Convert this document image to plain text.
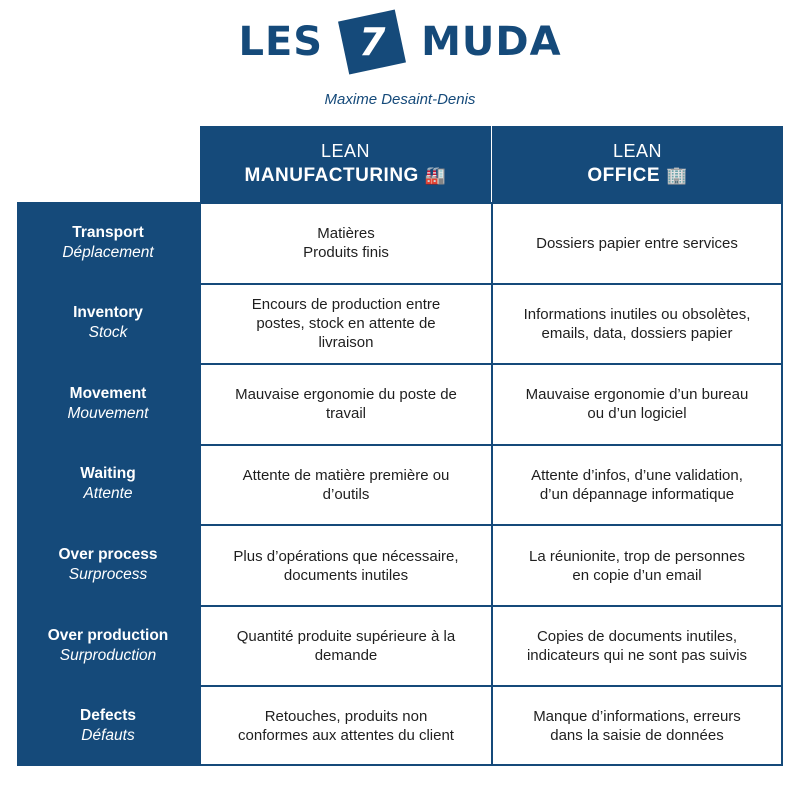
LES 7 MUDA
Maxime Desaint-Denis
LEAN
MANUFACTURING 🏭
LEAN
OFFICE 🏢
Transport
Déplacement
Matières
Produits finis
Dossiers papier entre services
Inventory
Stock
Encours de production entre
postes, stock en attente de
livraison
Informations inutiles ou obsolètes,
emails, data, dossiers papier
Movement
Mouvement
Mauvaise ergonomie du poste de
travail
Mauvaise ergonomie d’un bureau
ou d’un logiciel
Waiting
Attente
Attente de matière première ou
d’outils
Attente d’infos, d’une validation,
d’un dépannage informatique
Over process
Surprocess
Plus d’opérations que nécessaire,
documents inutiles
La réunionite, trop de personnes
en copie d’un email
Over production
Surproduction
Quantité produite supérieure à la
demande
Copies de documents inutiles,
indicateurs qui ne sont pas suivis
Defects
Défauts
Retouches, produits non
conformes aux attentes du client
Manque d’informations, erreurs
dans la saisie de données
